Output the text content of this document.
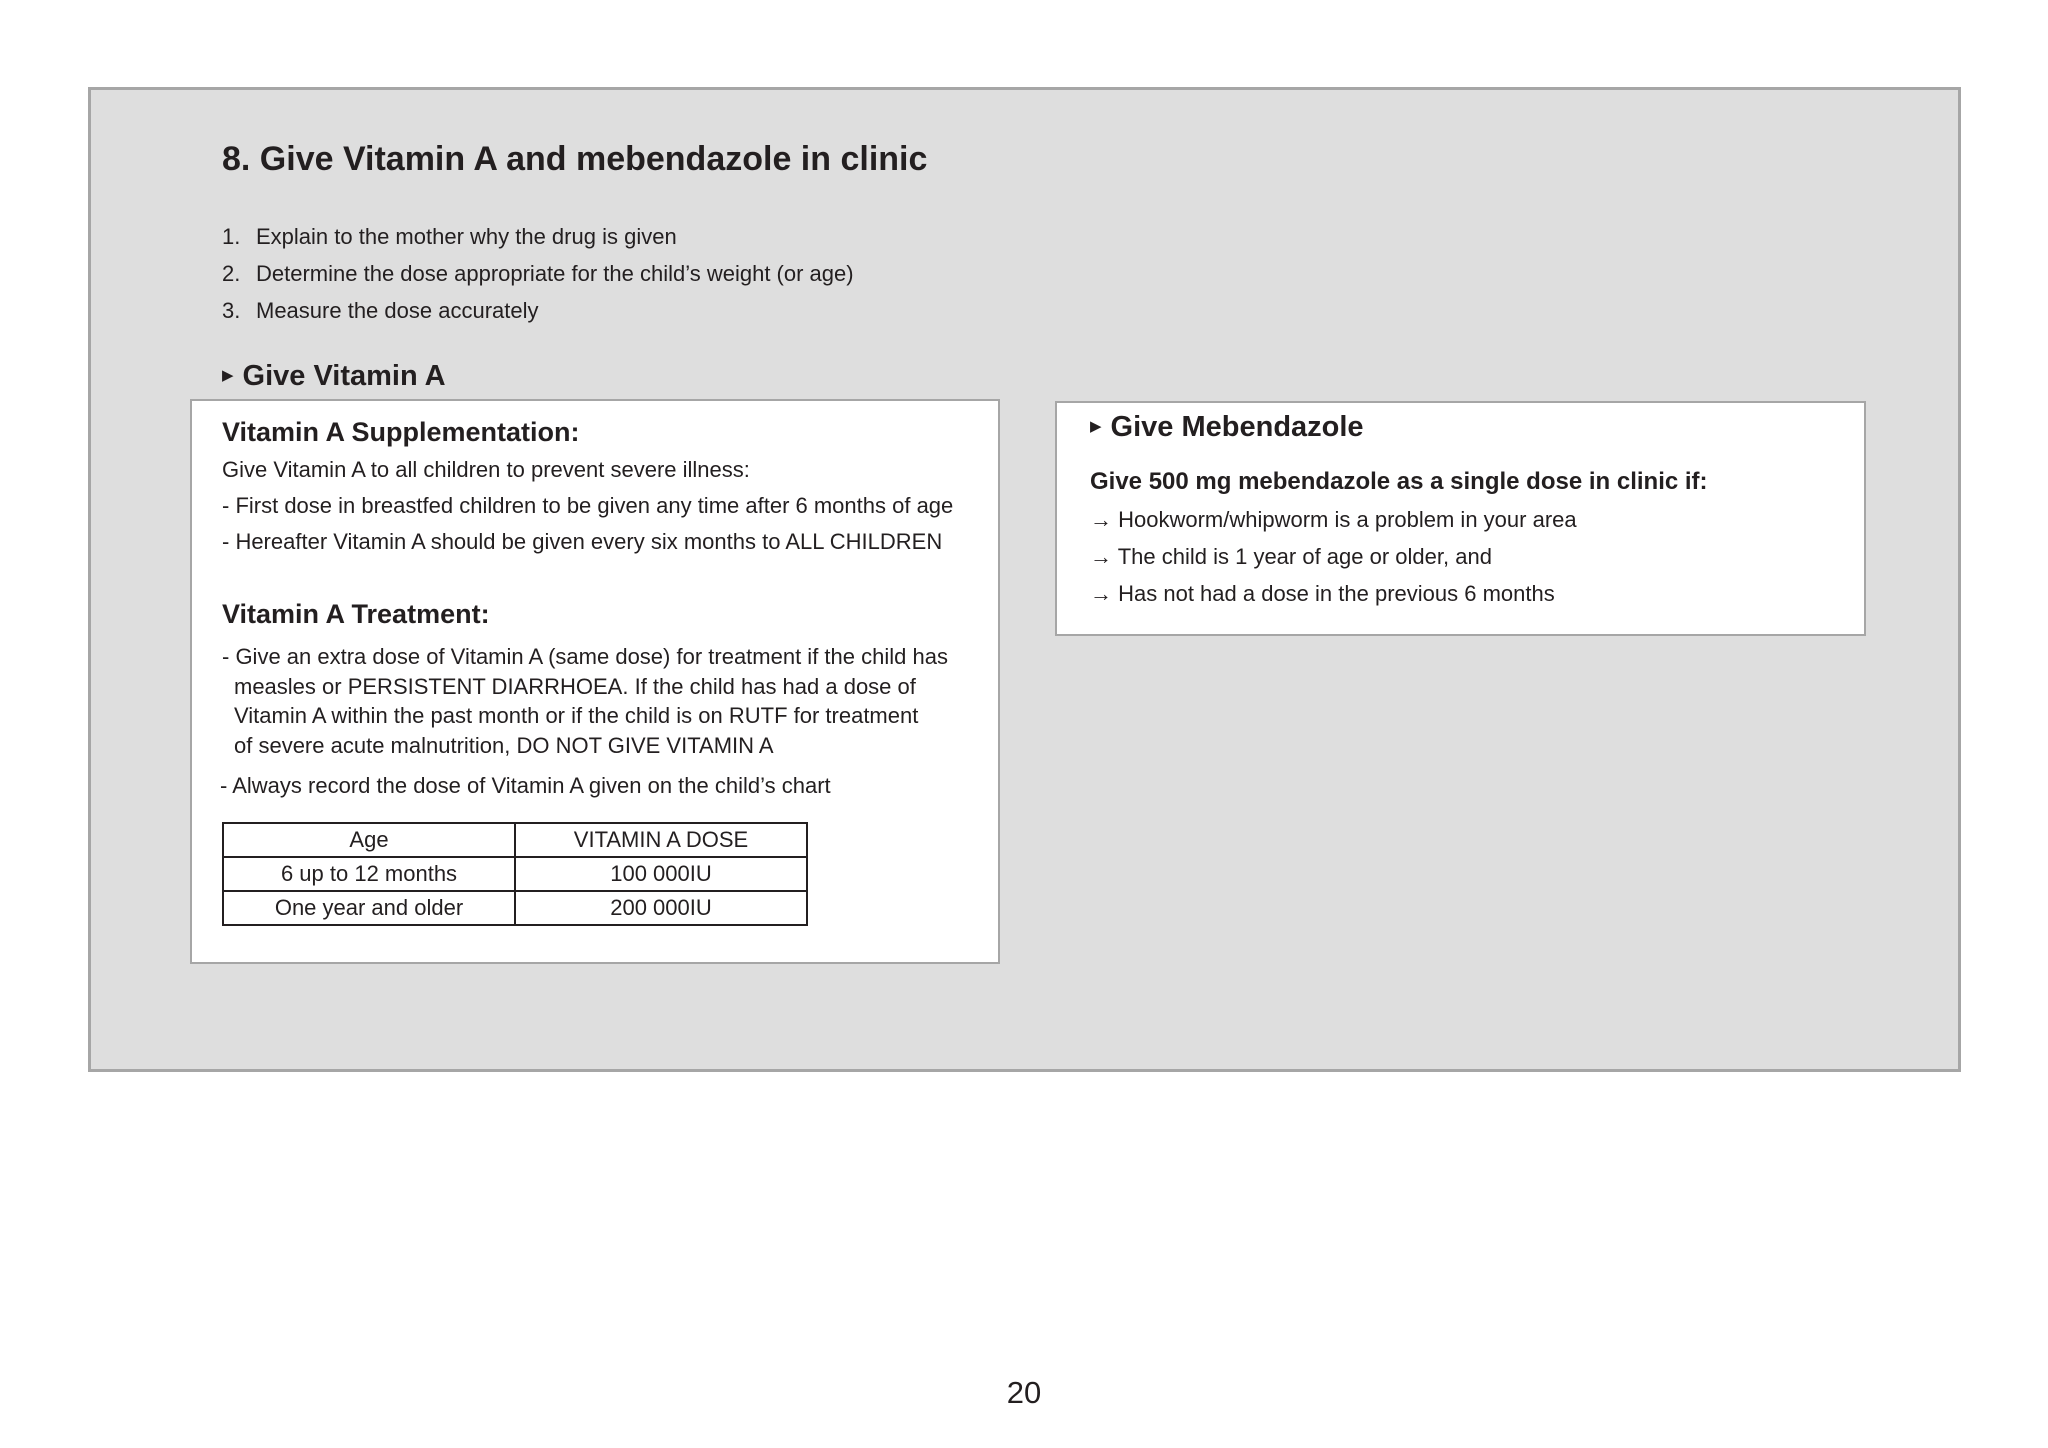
8. Give Vitamin A and mebendazole in clinic
1. Explain to the mother why the drug is given
2. Determine the dose appropriate for the child’s weight (or age)
3. Measure the dose accurately
▶ Give Vitamin A
Vitamin A Supplementation:
Give Vitamin A to all children to prevent severe illness:
- First dose in breastfed children to be given any time after 6 months of age
- Hereafter Vitamin A should be given every six months to ALL CHILDREN
Vitamin A Treatment:
- Give an extra dose of Vitamin A (same dose) for treatment if the child has
measles or PERSISTENT DIARRHOEA. If the child has had a dose of
Vitamin A within the past month or if the child is on RUTF for treatment
of severe acute malnutrition, DO NOT GIVE VITAMIN A
- Always record the dose of Vitamin A given on the child’s chart
Age	VITAMIN A DOSE
6 up to 12 months	100 000IU
One year and older	200 000IU
▶ Give Mebendazole
Give 500 mg mebendazole as a single dose in clinic if:
→ Hookworm/whipworm is a problem in your area
→ The child is 1 year of age or older, and
→ Has not had a dose in the previous 6 months
20
